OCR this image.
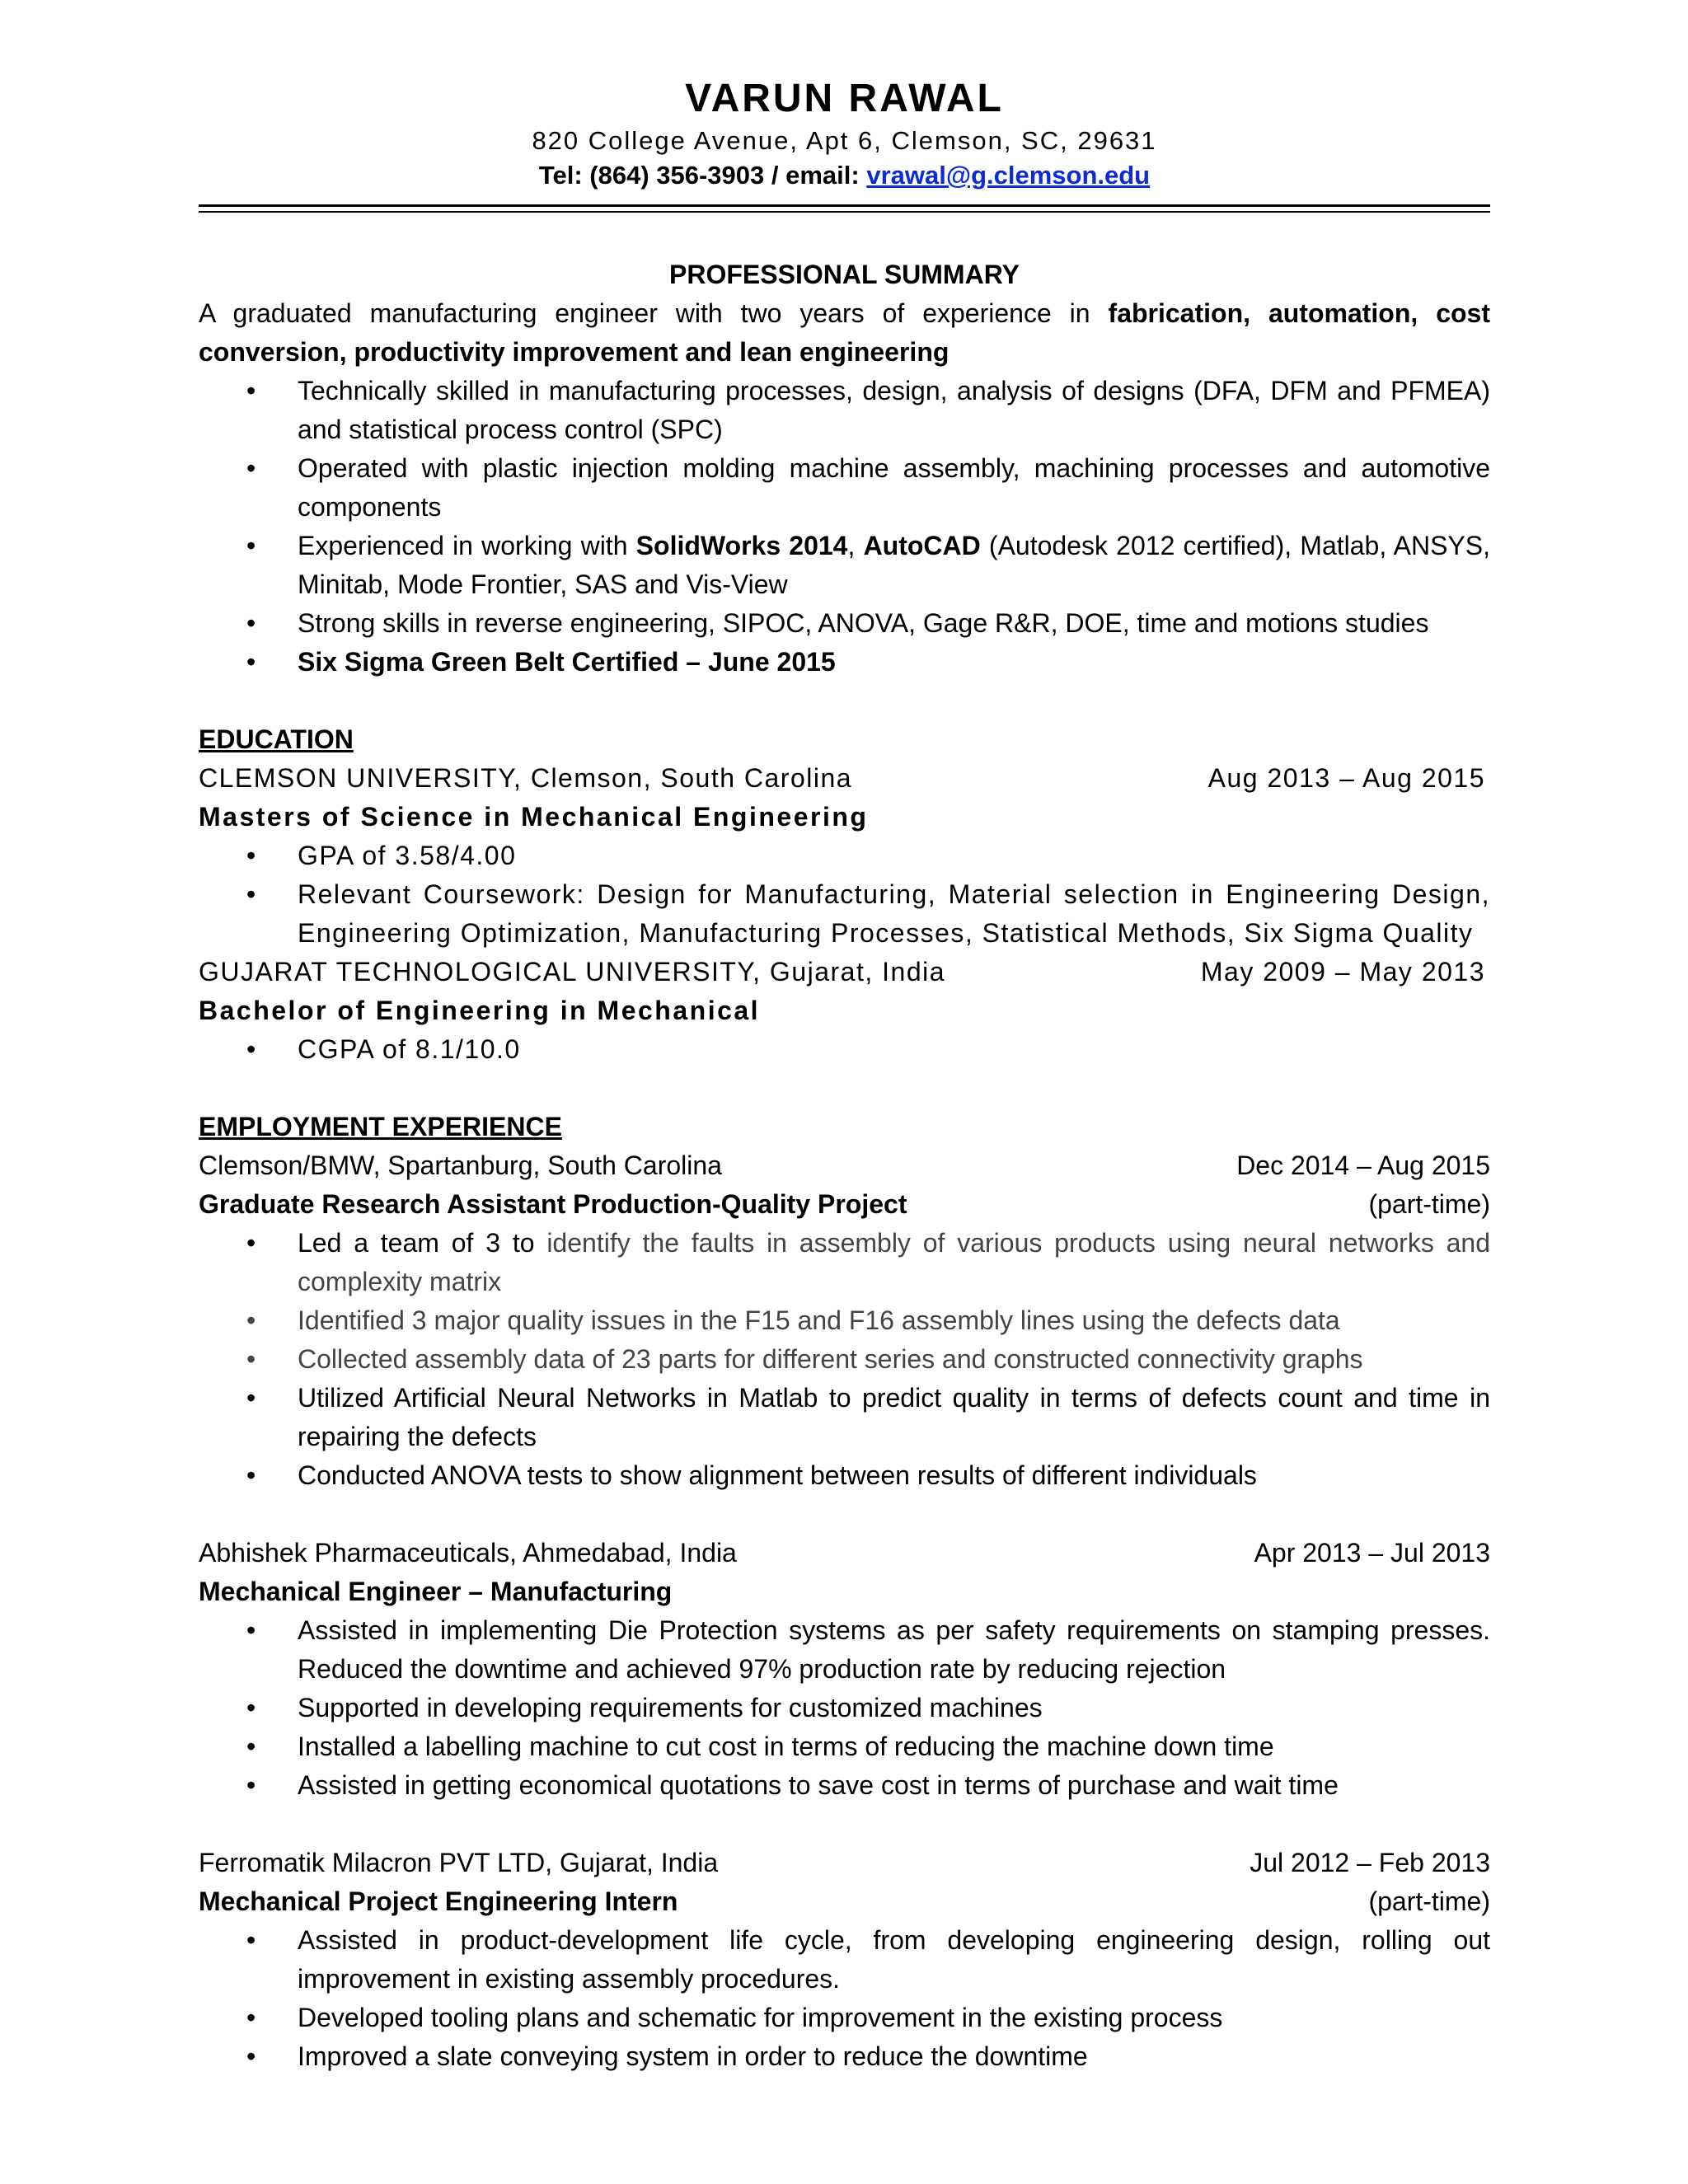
VARUN RAWAL
820 College Avenue, Apt 6, Clemson, SC, 29631
Tel: (864) 356-3903 / email: vrawal@g.clemson.edu
PROFESSIONAL SUMMARY
A graduated manufacturing engineer with two years of experience in fabrication, automation, cost conversion, productivity improvement and lean engineering
• Technically skilled in manufacturing processes, design, analysis of designs (DFA, DFM and PFMEA) and statistical process control (SPC)
• Operated with plastic injection molding machine assembly, machining processes and automotive components
• Experienced in working with SolidWorks 2014, AutoCAD (Autodesk 2012 certified), Matlab, ANSYS, Minitab, Mode Frontier, SAS and Vis-View
• Strong skills in reverse engineering, SIPOC, ANOVA, Gage R&R, DOE, time and motions studies
• Six Sigma Green Belt Certified – June 2015
EDUCATION
CLEMSON UNIVERSITY, Clemson, South Carolina	Aug 2013 – Aug 2015
Masters of Science in Mechanical Engineering
• GPA of 3.58/4.00
• Relevant Coursework: Design for Manufacturing, Material selection in Engineering Design, Engineering Optimization, Manufacturing Processes, Statistical Methods, Six Sigma Quality
GUJARAT TECHNOLOGICAL UNIVERSITY, Gujarat, India	May 2009 – May 2013
Bachelor of Engineering in Mechanical
• CGPA of 8.1/10.0
EMPLOYMENT EXPERIENCE
Clemson/BMW, Spartanburg, South Carolina	Dec 2014 – Aug 2015
Graduate Research Assistant Production-Quality Project	(part-time)
• Led a team of 3 to identify the faults in assembly of various products using neural networks and complexity matrix
• Identified 3 major quality issues in the F15 and F16 assembly lines using the defects data
• Collected assembly data of 23 parts for different series and constructed connectivity graphs
• Utilized Artificial Neural Networks in Matlab to predict quality in terms of defects count and time in repairing the defects
• Conducted ANOVA tests to show alignment between results of different individuals
Abhishek Pharmaceuticals, Ahmedabad, India	Apr 2013 – Jul 2013
Mechanical Engineer – Manufacturing
• Assisted in implementing Die Protection systems as per safety requirements on stamping presses. Reduced the downtime and achieved 97% production rate by reducing rejection
• Supported in developing requirements for customized machines
• Installed a labelling machine to cut cost in terms of reducing the machine down time
• Assisted in getting economical quotations to save cost in terms of purchase and wait time
Ferromatik Milacron PVT LTD, Gujarat, India	Jul 2012 – Feb 2013
Mechanical Project Engineering Intern	(part-time)
• Assisted in product-development life cycle, from developing engineering design, rolling out improvement in existing assembly procedures.
• Developed tooling plans and schematic for improvement in the existing process
• Improved a slate conveying system in order to reduce the downtime
